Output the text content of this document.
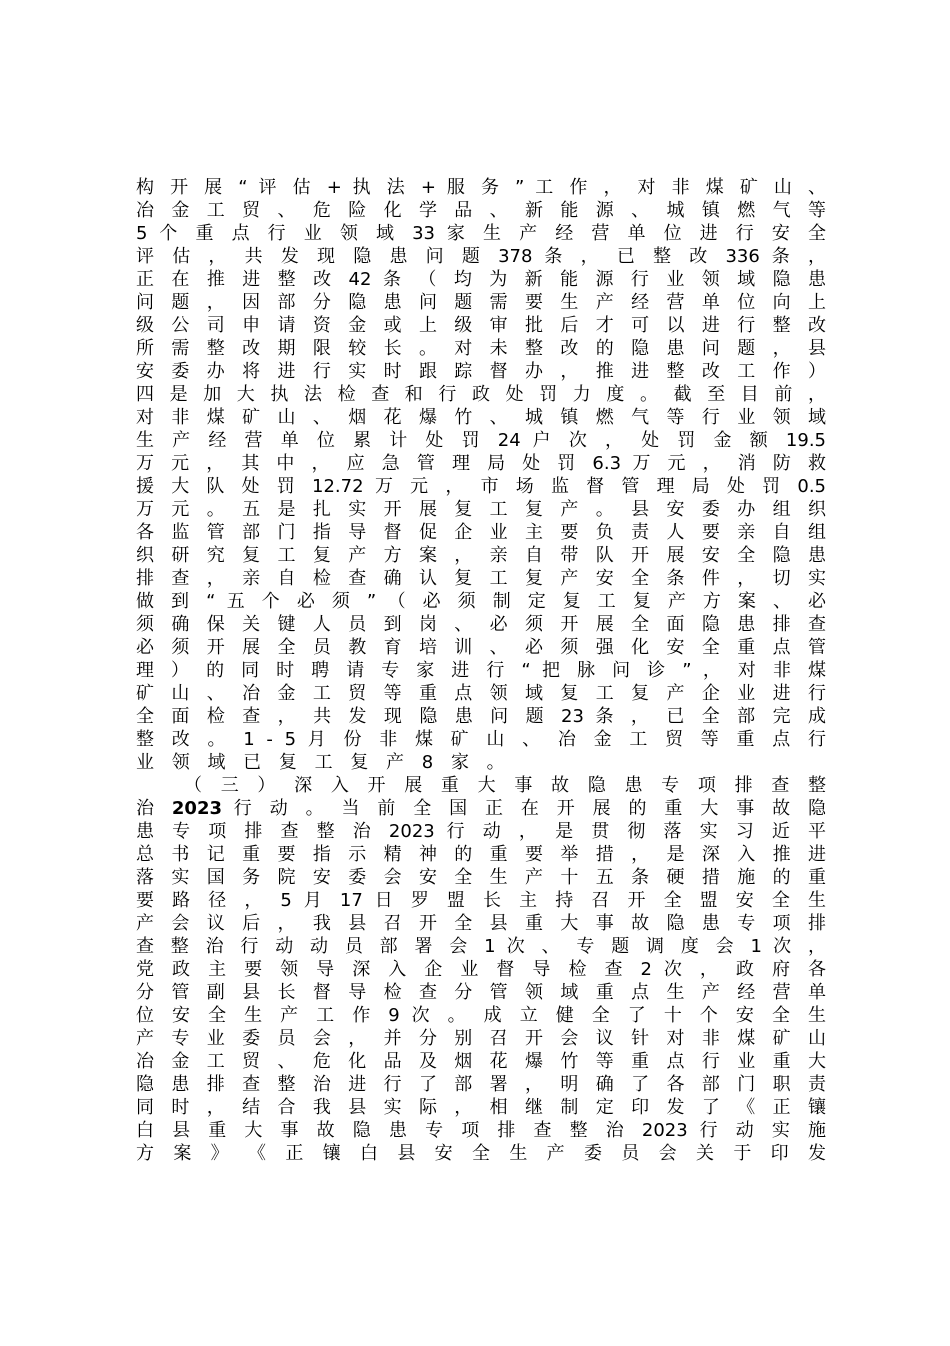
构 开 展 “ 评 估 + 执 法 + 服 务 ” 工 作 ， 对 非 煤 矿 山 、
冶 金 工 贸 、 危 险 化 学 品 、 新 能 源 、 城 镇 燃 气 等
5 个 重 点 行 业 领 域 33 家 生 产 经 营 单 位 进 行 安 全
评 估 ， 共 发 现 隐 患 问 题 378 条 ， 已 整 改 336 条 ，
正 在 推 进 整 改 42 条 （ 均 为 新 能 源 行 业 领 域 隐 患
问 题 ， 因 部 分 隐 患 问 题 需 要 生 产 经 营 单 位 向 上
级 公 司 申 请 资 金 或 上 级 审 批 后 才 可 以 进 行 整 改
所 需 整 改 期 限 较 长 。 对 未 整 改 的 隐 患 问 题 ， 县
安 委 办 将 进 行 实 时 跟 踪 督 办 ， 推 进 整 改 工 作 ）
四 是 加 大 执 法 检 查 和 行 政 处 罚 力 度 。 截 至 目 前 ，
对 非 煤 矿 山 、 烟 花 爆 竹 、 城 镇 燃 气 等 行 业 领 域
生 产 经 营 单 位 累 计 处 罚 24 户 次 ， 处 罚 金 额 19.5
万 元 ， 其 中 ， 应 急 管 理 局 处 罚 6.3 万 元 ， 消 防 救
援 大 队 处 罚 12.72 万 元 ， 市 场 监 督 管 理 局 处 罚 0.5
万 元 。 五 是 扎 实 开 展 复 工 复 产 。 县 安 委 办 组 织
各 监 管 部 门 指 导 督 促 企 业 主 要 负 责 人 要 亲 自 组
织 研 究 复 工 复 产 方 案 ， 亲 自 带 队 开 展 安 全 隐 患
排 查 ， 亲 自 检 查 确 认 复 工 复 产 安 全 条 件 ， 切 实
做 到 “ 五 个 必 须 ” （ 必 须 制 定 复 工 复 产 方 案 、 必
须 确 保 关 键 人 员 到 岗 、 必 须 开 展 全 面 隐 患 排 查
必 须 开 展 全 员 教 育 培 训 、 必 须 强 化 安 全 重 点 管
理 ） 的 同 时 聘 请 专 家 进 行 “ 把 脉 问 诊 ” ， 对 非 煤
矿 山 、 冶 金 工 贸 等 重 点 领 域 复 工 复 产 企 业 进 行
全 面 检 查 ， 共 发 现 隐 患 问 题 23 条 ， 已 全 部 完 成
整 改 。 1 - 5 月 份 非 煤 矿 山 、 冶 金 工 贸 等 重 点 行
业 领 域 已 复 工 复 产 8 家 。
（ 三 ） 深 入 开 展 重 大 事 故 隐 患 专 项 排 查 整
治 2023 行 动 。 当 前 全 国 正 在 开 展 的 重 大 事 故 隐
患 专 项 排 查 整 治 2023 行 动 ， 是 贯 彻 落 实 习 近 平
总 书 记 重 要 指 示 精 神 的 重 要 举 措 ， 是 深 入 推 进
落 实 国 务 院 安 委 会 安 全 生 产 十 五 条 硬 措 施 的 重
要 路 径 ， 5 月 17 日 罗 盟 长 主 持 召 开 全 盟 安 全 生
产 会 议 后 ， 我 县 召 开 全 县 重 大 事 故 隐 患 专 项 排
查 整 治 行 动 动 员 部 署 会 1 次 、 专 题 调 度 会 1 次 ，
党 政 主 要 领 导 深 入 企 业 督 导 检 查 2 次 ， 政 府 各
分 管 副 县 长 督 导 检 查 分 管 领 域 重 点 生 产 经 营 单
位 安 全 生 产 工 作 9 次 。 成 立 健 全 了 十 个 安 全 生
产 专 业 委 员 会 ， 并 分 别 召 开 会 议 针 对 非 煤 矿 山
冶 金 工 贸 、 危 化 品 及 烟 花 爆 竹 等 重 点 行 业 重 大
隐 患 排 查 整 治 进 行 了 部 署 ， 明 确 了 各 部 门 职 责
同 时 ， 结 合 我 县 实 际 ， 相 继 制 定 印 发 了 《 正 镶
白 县 重 大 事 故 隐 患 专 项 排 查 整 治 2023 行 动 实 施
方 案 》 《 正 镶 白 县 安 全 生 产 委 员 会 关 于 印 发
